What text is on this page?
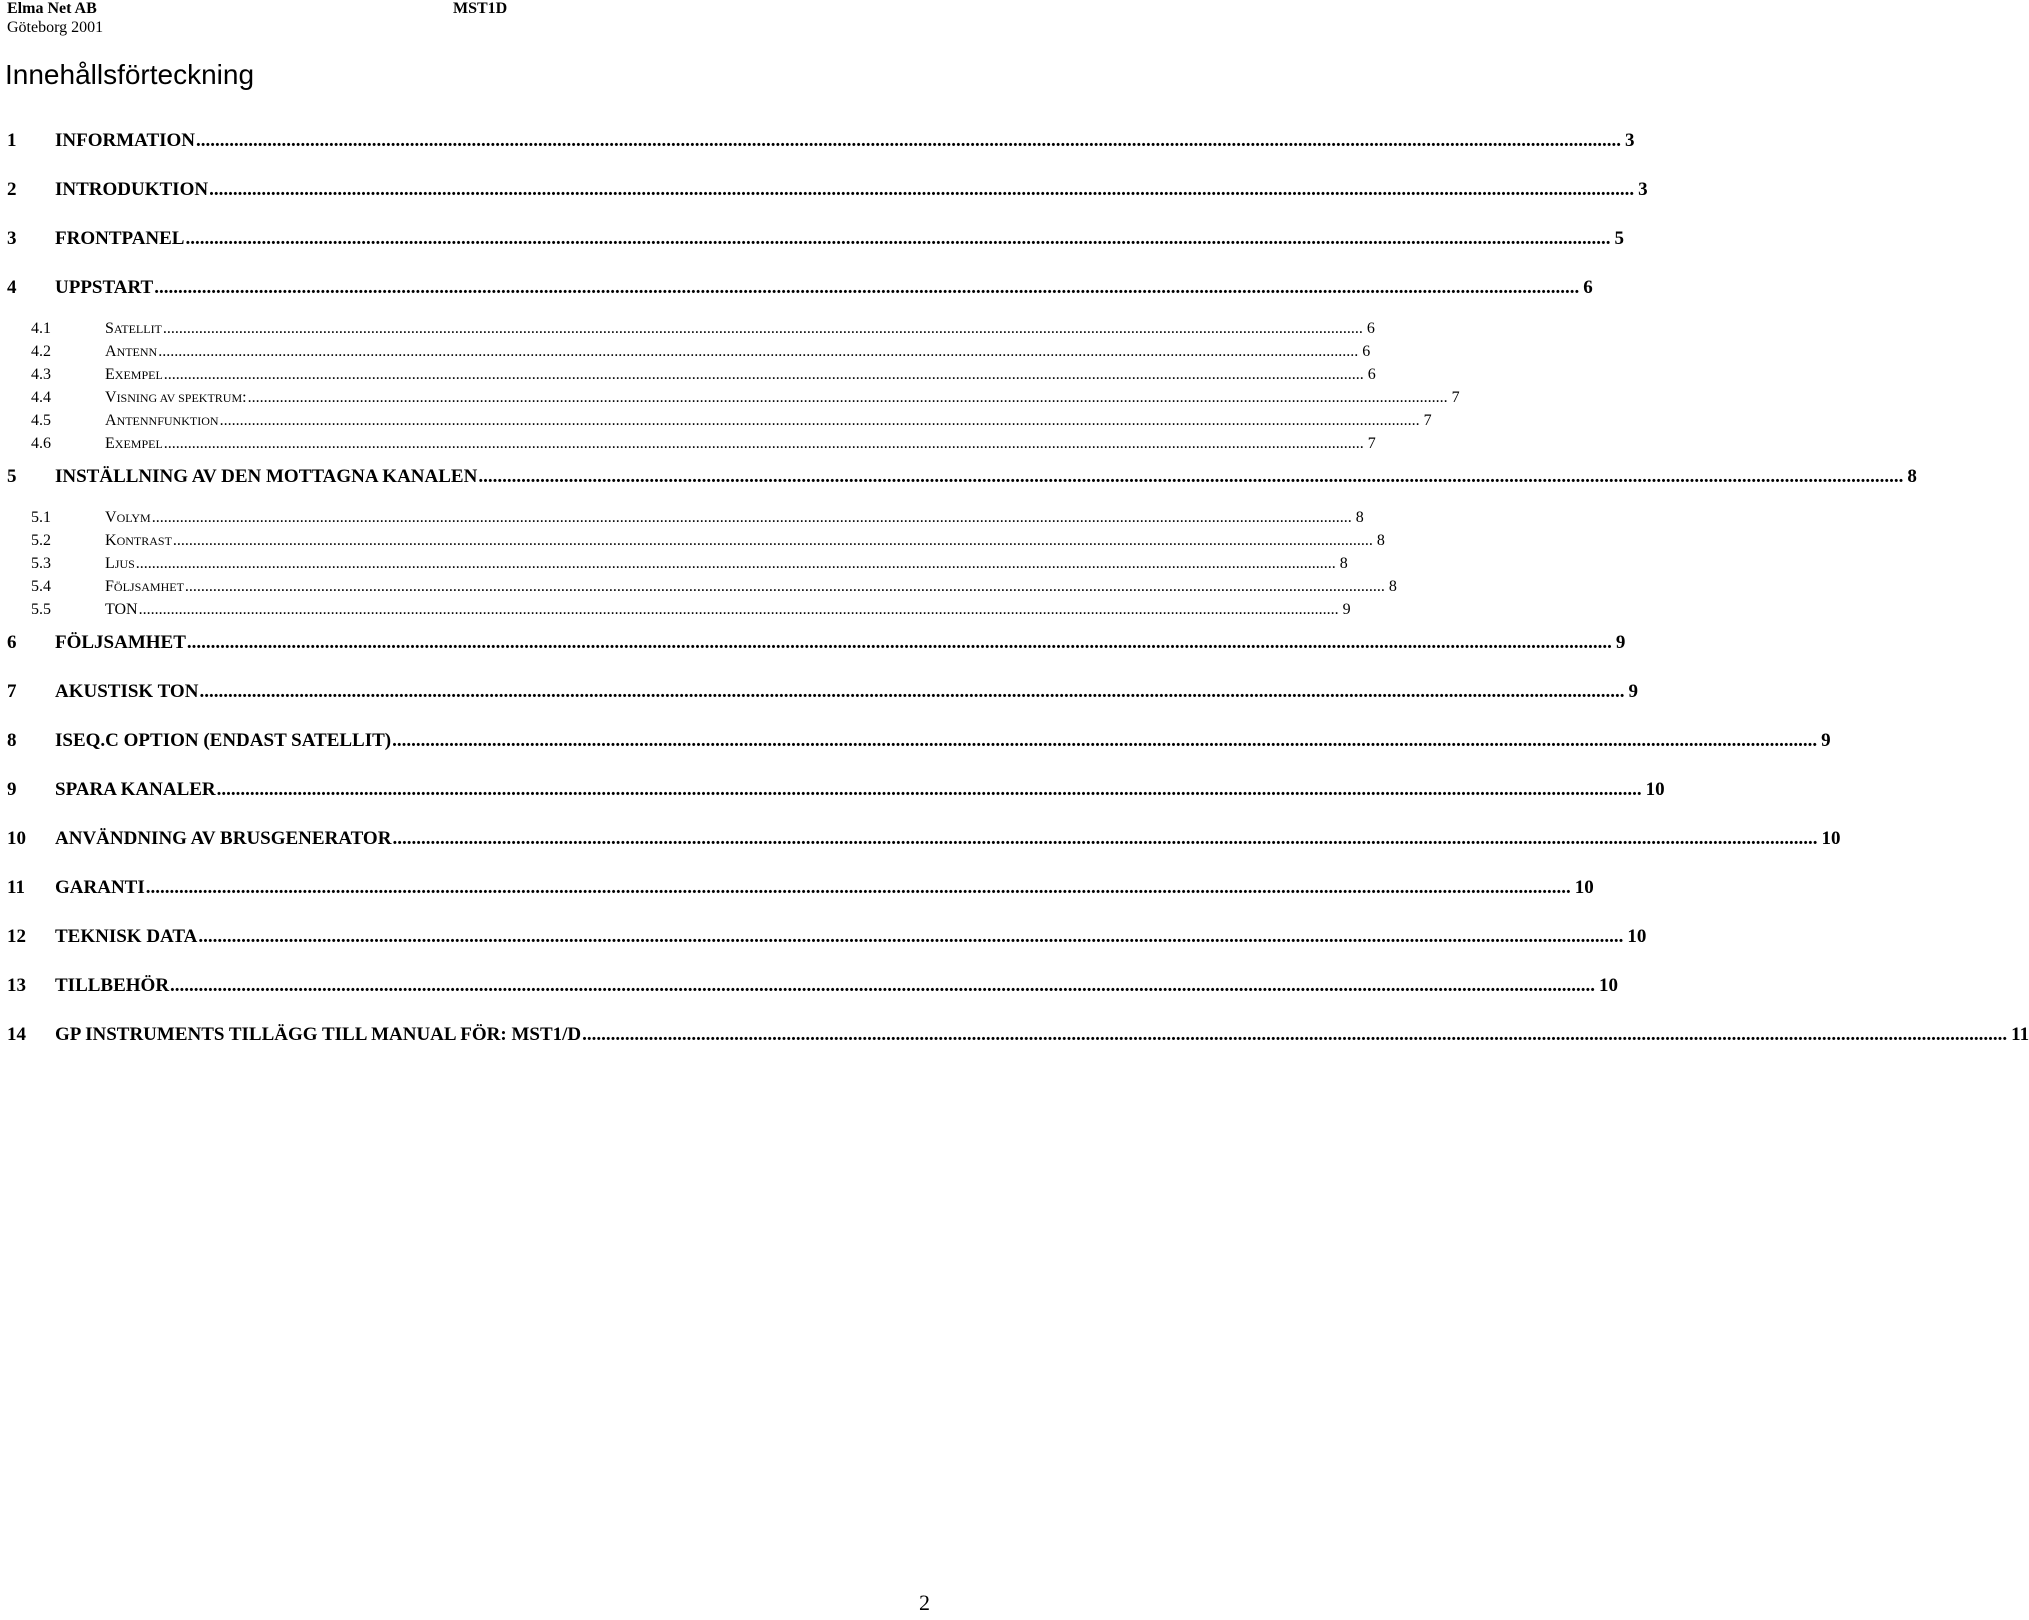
Elma Net AB
Göteborg 2001
MST1D
Innehållsförteckning
1 INFORMATION ............................................................................................................................................................................................................................................................................................................ 3
2 INTRODUKTION ............................................................................................................................................................................................................................................................................................................ 3
3 FRONTPANEL ............................................................................................................................................................................................................................................................................................................ 5
4 UPPSTART ............................................................................................................................................................................................................................................................................................................ 6
4.1	SATELLIT ............................................................................................................................................................................................................................................................................................................ 6
4.2	ANTENN ............................................................................................................................................................................................................................................................................................................ 6
4.3	EXEMPEL ............................................................................................................................................................................................................................................................................................................ 6
4.4	VISNING AV SPEKTRUM: ............................................................................................................................................................................................................................................................................................................ 7
4.5	ANTENNFUNKTION ............................................................................................................................................................................................................................................................................................................ 7
4.6	EXEMPEL ............................................................................................................................................................................................................................................................................................................ 7
5 INSTÄLLNING AV DEN MOTTAGNA KANALEN ............................................................................................................................................................................................................................................................................................................ 8
5.1	VOLYM ............................................................................................................................................................................................................................................................................................................ 8
5.2	KONTRAST ............................................................................................................................................................................................................................................................................................................ 8
5.3	LJUS ............................................................................................................................................................................................................................................................................................................ 8
5.4	FÖLJSAMHET ............................................................................................................................................................................................................................................................................................................ 8
5.5	TON ............................................................................................................................................................................................................................................................................................................ 9
6 FÖLJSAMHET ............................................................................................................................................................................................................................................................................................................ 9
7 AKUSTISK TON ............................................................................................................................................................................................................................................................................................................ 9
8 ISEQ.C OPTION (ENDAST SATELLIT) ............................................................................................................................................................................................................................................................................................................ 9
9 SPARA KANALER ............................................................................................................................................................................................................................................................................................................ 10
10 ANVÄNDNING AV BRUSGENERATOR ............................................................................................................................................................................................................................................................................................................ 10
11 GARANTI ............................................................................................................................................................................................................................................................................................................ 10
12 TEKNISK DATA ............................................................................................................................................................................................................................................................................................................ 10
13 TILLBEHÖR ............................................................................................................................................................................................................................................................................................................ 10
14 GP INSTRUMENTS TILLÄGG TILL MANUAL FÖR: MST1/D ............................................................................................................................................................................................................................................................................................................ 11
2
